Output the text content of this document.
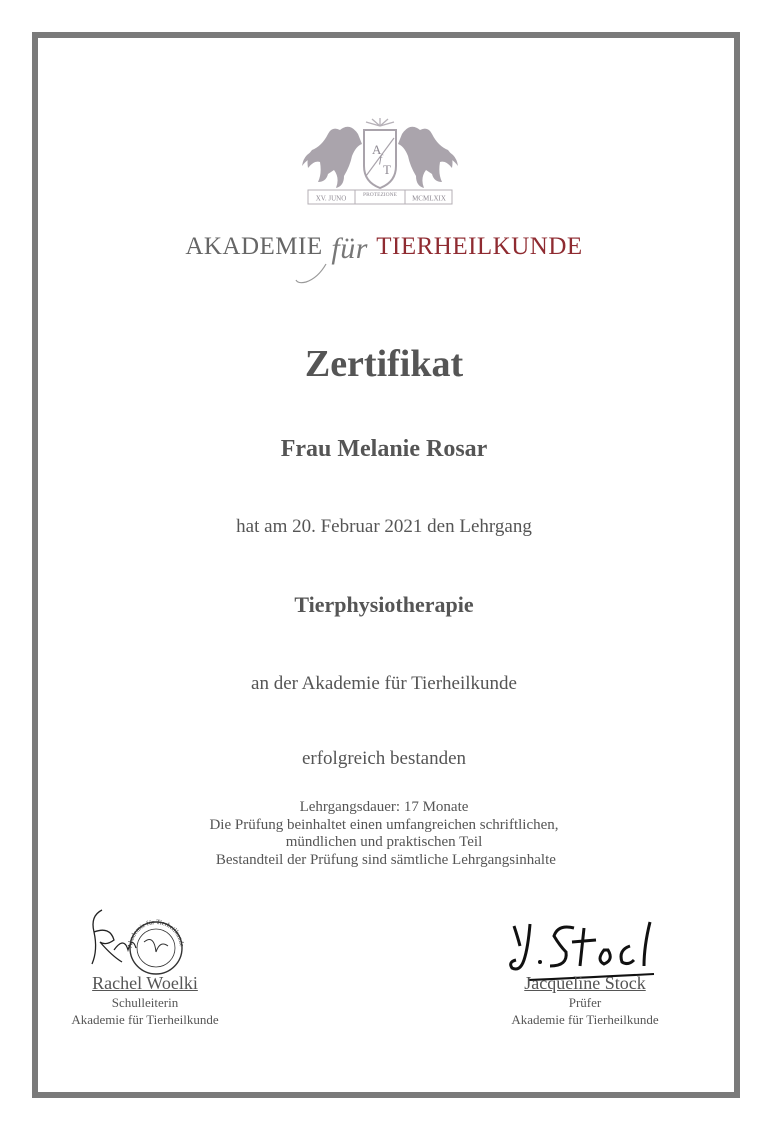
A
f
T
XV. JUNO	PROTEZIONE MCMLXIX
AKADEMIE für TIERHEILKUNDE
Zertifikat
Frau Melanie Rosar
hat am 20. Februar 2021 den Lehrgang
Tierphysiotherapie
an der Akademie für Tierheilkunde
erfolgreich bestanden
Lehrgangsdauer: 17 Monate
Die Prüfung beinhaltet einen umfangreichen schriftlichen,
mündlichen und praktischen Teil
Bestandteil der Prüfung sind sämtliche Lehrgangsinhalte
Akademie für Tierheilkunde
Rachel Woelki
Schulleiterin
Akademie für Tierheilkunde
Jacqueline Stock
Prüfer
Akademie für Tierheilkunde
